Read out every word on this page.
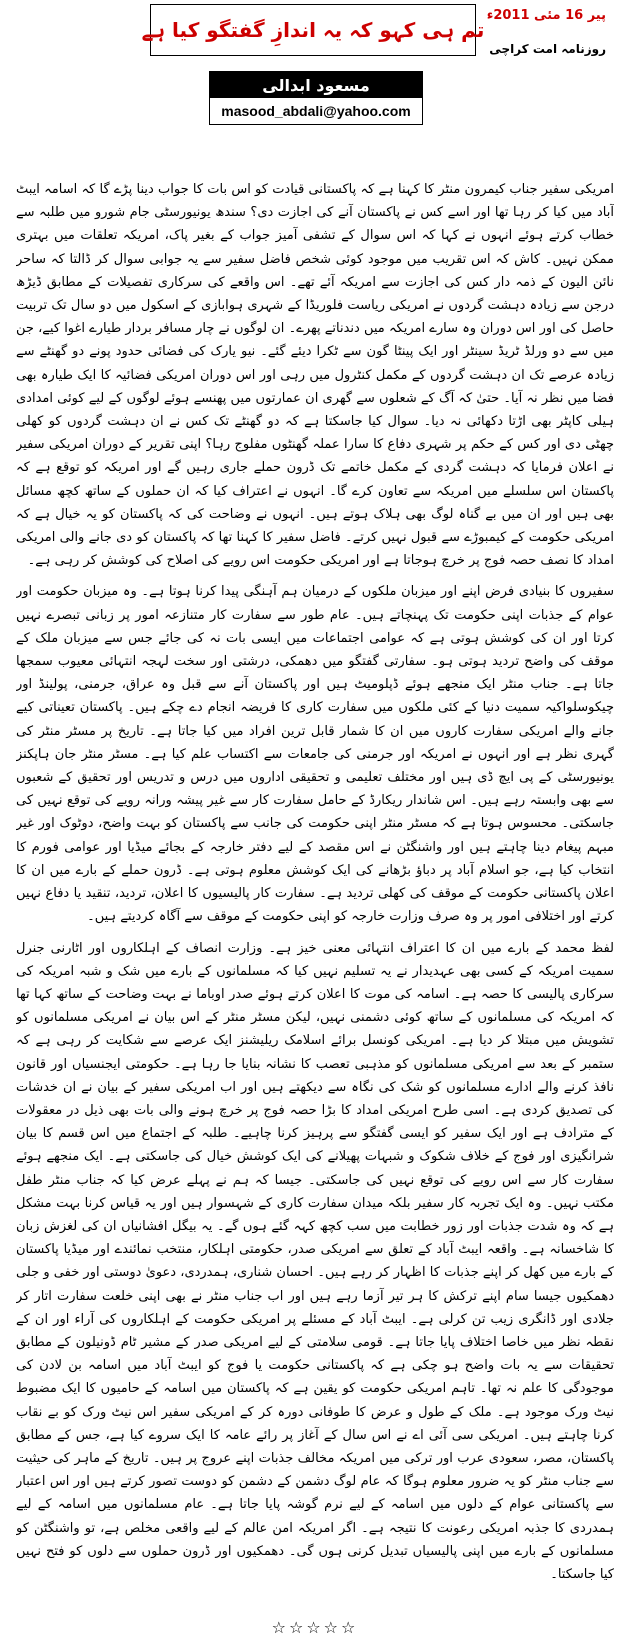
پیر 16 مئی 2011ء
روزنامہ امت کراچی
تم ہی کہو کہ یہ اندازِ گفتگو کیا ہے
مسعود ابدالی
masood_abdali@yahoo.com

امریکی سفیر جناب کیمرون منٹر کا کہنا ہے کہ پاکستانی قیادت کو اس بات کا جواب دینا پڑے گا کہ اسامہ ایبٹ آباد میں کیا کر رہا تھا اور اسے کس نے پاکستان آنے کی اجازت دی؟ سندھ یونیورسٹی جام شورو میں طلبہ سے خطاب کرتے ہوئے انہوں نے کہا کہ اس سوال کے تشفی آمیز جواب کے بغیر پاک، امریکہ تعلقات میں بہتری ممکن نہیں۔ کاش کہ اس تقریب میں موجود کوئی شخص فاضل سفیر سے یہ جوابی سوال کر ڈالتا کہ ساحر نائن الیون کے ذمہ دار کس کی اجازت سے امریکہ آئے تھے۔ اس واقعے کی سرکاری تفصیلات کے مطابق ڈیڑھ درجن سے زیادہ دہشت گردوں نے امریکی ریاست فلوریڈا کے شہری ہوابازی کے اسکول میں دو سال تک تربیت حاصل کی اور اس دوران وہ سارے امریکہ میں دندناتے پھرے۔ ان لوگوں نے چار مسافر بردار طیارے اغوا کیے، جن میں سے دو ورلڈ ٹریڈ سینٹر اور ایک پینٹا گون سے ٹکرا دیئے گئے۔ نیو یارک کی فضائی حدود پونے دو گھنٹے سے زیادہ عرصے تک ان دہشت گردوں کے مکمل کنٹرول میں رہی اور اس دوران امریکی فضائیہ کا ایک طیارہ بھی فضا میں نظر نہ آیا۔ حتیٰ کہ آگ کے شعلوں سے گھری ان عمارتوں میں پھنسے ہوئے لوگوں کے لیے کوئی امدادی ہیلی کاپٹر بھی اڑتا دکھائی نہ دیا۔ سوال کیا جاسکتا ہے کہ دو گھنٹے تک کس نے ان دہشت گردوں کو کھلی چھٹی دی اور کس کے حکم پر شہری دفاع کا سارا عملہ گھنٹوں مفلوج رہا؟ اپنی تقریر کے دوران امریکی سفیر نے اعلان فرمایا کہ دہشت گردی کے مکمل خاتمے تک ڈرون حملے جاری رہیں گے اور امریکہ کو توقع ہے کہ پاکستان اس سلسلے میں امریکہ سے تعاون کرے گا۔ انہوں نے اعتراف کیا کہ ان حملوں کے ساتھ کچھ مسائل بھی ہیں اور ان میں بے گناہ لوگ بھی ہلاک ہوتے ہیں۔ انہوں نے وضاحت کی کہ پاکستان کو یہ خیال ہے کہ امریکی حکومت کے کیمبوڑے سے قبول نہیں کرتے۔ فاضل سفیر کا کہنا تھا کہ پاکستان کو دی جانے والی امریکی امداد کا نصف حصہ فوج پر خرچ ہوجاتا ہے اور امریکی حکومت اس رویے کی اصلاح کی کوشش کر رہی ہے۔

سفیروں کا بنیادی فرض اپنے اور میزبان ملکوں کے درمیان ہم آہنگی پیدا کرنا ہوتا ہے۔ وہ میزبان حکومت اور عوام کے جذبات اپنی حکومت تک پہنچاتے ہیں۔ عام طور سے سفارت کار متنازعہ امور پر زبانی تبصرے نہیں کرتا اور ان کی کوشش ہوتی ہے کہ عوامی اجتماعات میں ایسی بات نہ کی جائے جس سے میزبان ملک کے موقف کی واضح تردید ہوتی ہو۔ سفارتی گفتگو میں دھمکی، درشتی اور سخت لہجہ انتہائی معیوب سمجھا جاتا ہے۔ جناب منٹر ایک منجھے ہوئے ڈپلومیٹ ہیں اور پاکستان آنے سے قبل وہ عراق، جرمنی، پولینڈ اور چیکوسلواکیہ سمیت دنیا کے کئی ملکوں میں سفارت کاری کا فریضہ انجام دے چکے ہیں۔ پاکستان تعیناتی کیے جانے والے امریکی سفارت کاروں میں ان کا شمار قابل ترین افراد میں کیا جاتا ہے۔ تاریخ پر مسٹر منٹر کی گہری نظر ہے اور انہوں نے امریکہ اور جرمنی کی جامعات سے اکتساب علم کیا ہے۔ مسٹر منٹر جان ہاپکنز یونیورسٹی کے پی ایچ ڈی ہیں اور مختلف تعلیمی و تحقیقی اداروں میں درس و تدریس اور تحقیق کے شعبوں سے بھی وابستہ رہے ہیں۔ اس شاندار ریکارڈ کے حامل سفارت کار سے غیر پیشہ ورانہ رویے کی توقع نہیں کی جاسکتی۔ محسوس ہوتا ہے کہ مسٹر منٹر اپنی حکومت کی جانب سے پاکستان کو بہت واضح، دوٹوک اور غیر مبہم پیغام دینا چاہتے ہیں اور واشنگٹن نے اس مقصد کے لیے دفتر خارجہ کے بجائے میڈیا اور عوامی فورم کا انتخاب کیا ہے، جو اسلام آباد پر دباؤ بڑھانے کی ایک کوشش معلوم ہوتی ہے۔ ڈرون حملے کے بارے میں ان کا اعلان پاکستانی حکومت کے موقف کی کھلی تردید ہے۔ سفارت کار پالیسیوں کا اعلان، تردید، تنقید یا دفاع نہیں کرتے اور اختلافی امور پر وہ صرف وزارت خارجہ کو اپنی حکومت کے موقف سے آگاہ کردیتے ہیں۔

لفظ محمد کے بارے میں ان کا اعتراف انتہائی معنی خیز ہے۔ وزارت انصاف کے اہلکاروں اور اٹارنی جنرل سمیت امریکہ کے کسی بھی عہدیدار نے یہ تسلیم نہیں کیا کہ مسلمانوں کے بارے میں شک و شبہ امریکہ کی سرکاری پالیسی کا حصہ ہے۔ اسامہ کی موت کا اعلان کرتے ہوئے صدر اوباما نے بہت وضاحت کے ساتھ کہا تھا کہ امریکہ کی مسلمانوں کے ساتھ کوئی دشمنی نہیں، لیکن مسٹر منٹر کے اس بیان نے امریکی مسلمانوں کو تشویش میں مبتلا کر دیا ہے۔ امریکی کونسل برائے اسلامک ریلیشنز ایک عرصے سے شکایت کر رہی ہے کہ ستمبر کے بعد سے امریکی مسلمانوں کو مذہبی تعصب کا نشانہ بنایا جا رہا ہے۔ حکومتی ایجنسیاں اور قانون نافذ کرنے والے ادارے مسلمانوں کو شک کی نگاہ سے دیکھتے ہیں اور اب امریکی سفیر کے بیان نے ان خدشات کی تصدیق کردی ہے۔ اسی طرح امریکی امداد کا بڑا حصہ فوج پر خرچ ہونے والی بات بھی ذیل در معقولات کے مترادف ہے اور ایک سفیر کو ایسی گفتگو سے پرہیز کرنا چاہیے۔ طلبہ کے اجتماع میں اس قسم کا بیان شرانگیزی اور فوج کے خلاف شکوک و شبہات پھیلانے کی ایک کوشش خیال کی جاسکتی ہے۔ ایک منجھے ہوئے سفارت کار سے اس رویے کی توقع نہیں کی جاسکتی۔ جیسا کہ ہم نے پہلے عرض کیا کہ جناب منٹر طفل مکتب نہیں۔ وہ ایک تجربہ کار سفیر بلکہ میدان سفارت کاری کے شہسوار ہیں اور یہ قیاس کرنا بہت مشکل ہے کہ وہ شدت جذبات اور زور خطابت میں سب کچھ کہہ گئے ہوں گے۔ یہ بیگل افشانیاں ان کی لغزش زبان کا شاخسانہ ہے۔ واقعہ ایبٹ آباد کے تعلق سے امریکی صدر، حکومتی اہلکار، منتخب نمائندے اور میڈیا پاکستان کے بارے میں کھل کر اپنے جذبات کا اظہار کر رہے ہیں۔ احسان شناری، ہمدردی، دعویٰ دوستی اور خفی و جلی دھمکیوں جیسا سام اپنے ترکش کا ہر تیر آزما رہے ہیں اور اب جناب منٹر نے بھی اپنی خلعت سفارت اتار کر جلادی اور ڈانگری زیب تن کرلی ہے۔ ایبٹ آباد کے مسئلے پر امریکی حکومت کے اہلکاروں کی آراء اور ان کے نقطہ نظر میں خاصا اختلاف پایا جاتا ہے۔ قومی سلامتی کے لیے امریکی صدر کے مشیر ٹام ڈونیلون کے مطابق تحقیقات سے یہ بات واضح ہو چکی ہے کہ پاکستانی حکومت یا فوج کو ایبٹ آباد میں اسامہ بن لادن کی موجودگی کا علم نہ تھا۔ تاہم امریکی حکومت کو یقین ہے کہ پاکستان میں اسامہ کے حامیوں کا ایک مضبوط نیٹ ورک موجود ہے۔ ملک کے طول و عرض کا طوفانی دورہ کر کے امریکی سفیر اس نیٹ ورک کو بے نقاب کرنا چاہتے ہیں۔ امریکی سی آئی اے نے اس سال کے آغاز پر رائے عامہ کا ایک سروے کیا ہے، جس کے مطابق پاکستان، مصر، سعودی عرب اور ترکی میں امریکہ مخالف جذبات اپنے عروج پر ہیں۔ تاریخ کے ماہر کی حیثیت سے جناب منٹر کو یہ ضرور معلوم ہوگا کہ عام لوگ دشمن کے دشمن کو دوست تصور کرتے ہیں اور اس اعتبار سے پاکستانی عوام کے دلوں میں اسامہ کے لیے نرم گوشہ پایا جاتا ہے۔ عام مسلمانوں میں اسامہ کے لیے ہمدردی کا جذبہ امریکی رعونت کا نتیجہ ہے۔ اگر امریکہ امن عالم کے لیے واقعی مخلص ہے، تو واشنگٹن کو مسلمانوں کے بارے میں اپنی پالیسیاں تبدیل کرنی ہوں گی۔ دھمکیوں اور ڈرون حملوں سے دلوں کو فتح نہیں کیا جاسکتا۔

☆☆☆☆☆
